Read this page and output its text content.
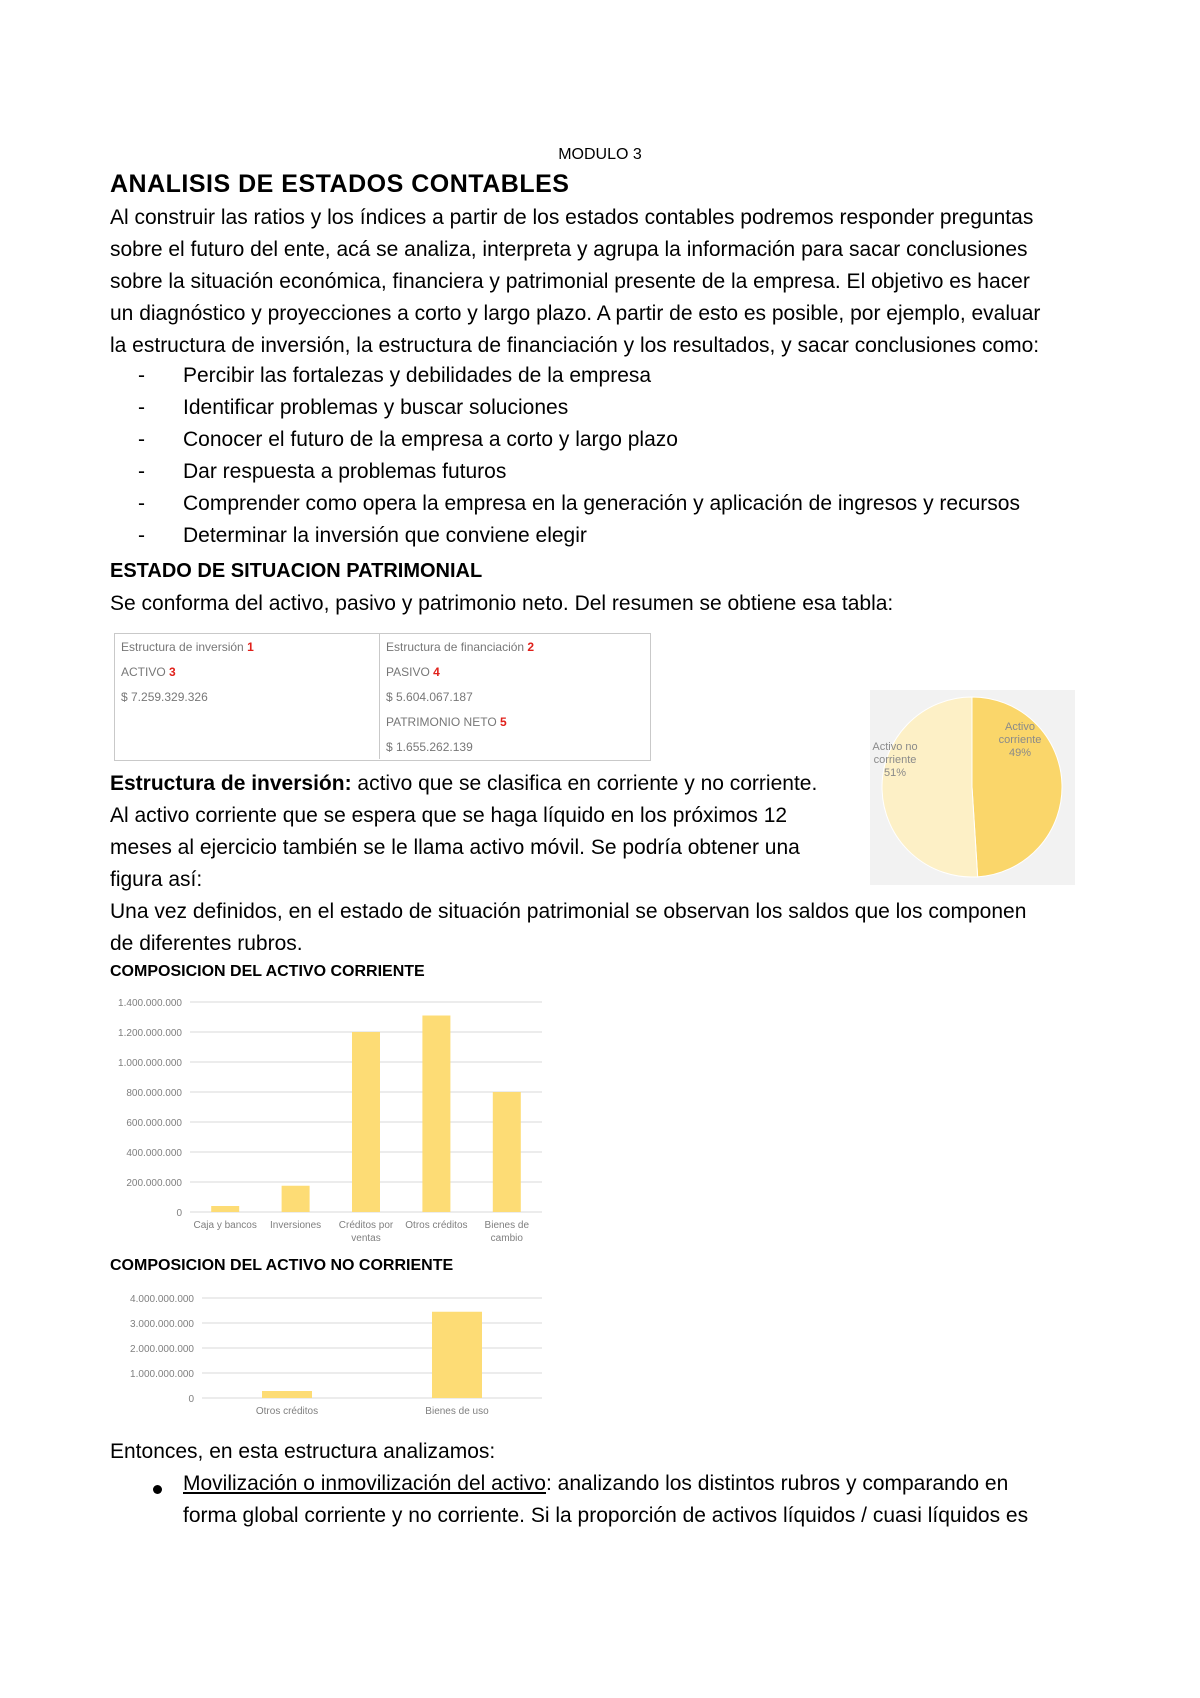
MODULO 3
ANALISIS DE ESTADOS CONTABLES
Al construir las ratios y los índices a partir de los estados contables podremos responder preguntas
sobre el futuro del ente, acá se analiza, interpreta y agrupa la información para sacar conclusiones
sobre la situación económica, financiera y patrimonial presente de la empresa. El objetivo es hacer
un diagnóstico y proyecciones a corto y largo plazo. A partir de esto es posible, por ejemplo, evaluar
la estructura de inversión, la estructura de financiación y los resultados, y sacar conclusiones como:
- Percibir las fortalezas y debilidades de la empresa
- Identificar problemas y buscar soluciones
- Conocer el futuro de la empresa a corto y largo plazo
- Dar respuesta a problemas futuros
- Comprender como opera la empresa en la generación y aplicación de ingresos y recursos
- Determinar la inversión que conviene elegir
ESTADO DE SITUACION PATRIMONIAL
Se conforma del activo, pasivo y patrimonio neto. Del resumen se obtiene esa tabla:
Estructura de inversión 1
ACTIVO 3
$ 7.259.329.326
Estructura de financiación 2
PASIVO 4
$ 5.604.067.187
PATRIMONIO NETO 5
$ 1.655.262.139
Activo
corriente
49%
Activo no
corriente
51%
Estructura de inversión: activo que se clasifica en corriente y no corriente.
Al activo corriente que se espera que se haga líquido en los próximos 12
meses al ejercicio también se le llama activo móvil. Se podría obtener una
figura así:
Una vez definidos, en el estado de situación patrimonial se observan los saldos que los componen
de diferentes rubros.
COMPOSICION DEL ACTIVO CORRIENTE
0
200.000.000
400.000.000
600.000.000
800.000.000
1.000.000.000
1.200.000.000
1.400.000.000
Caja y bancos Inversiones Créditos por
ventas
Otros créditos Bienes de
cambio
COMPOSICION DEL ACTIVO NO CORRIENTE
0
1.000.000.000
2.000.000.000
3.000.000.000
4.000.000.000
Otros créditos	Bienes de uso
Entonces, en esta estructura analizamos:
Movilización o inmovilización del activo: analizando los distintos rubros y comparando en
forma global corriente y no corriente. Si la proporción de activos líquidos / cuasi líquidos es
